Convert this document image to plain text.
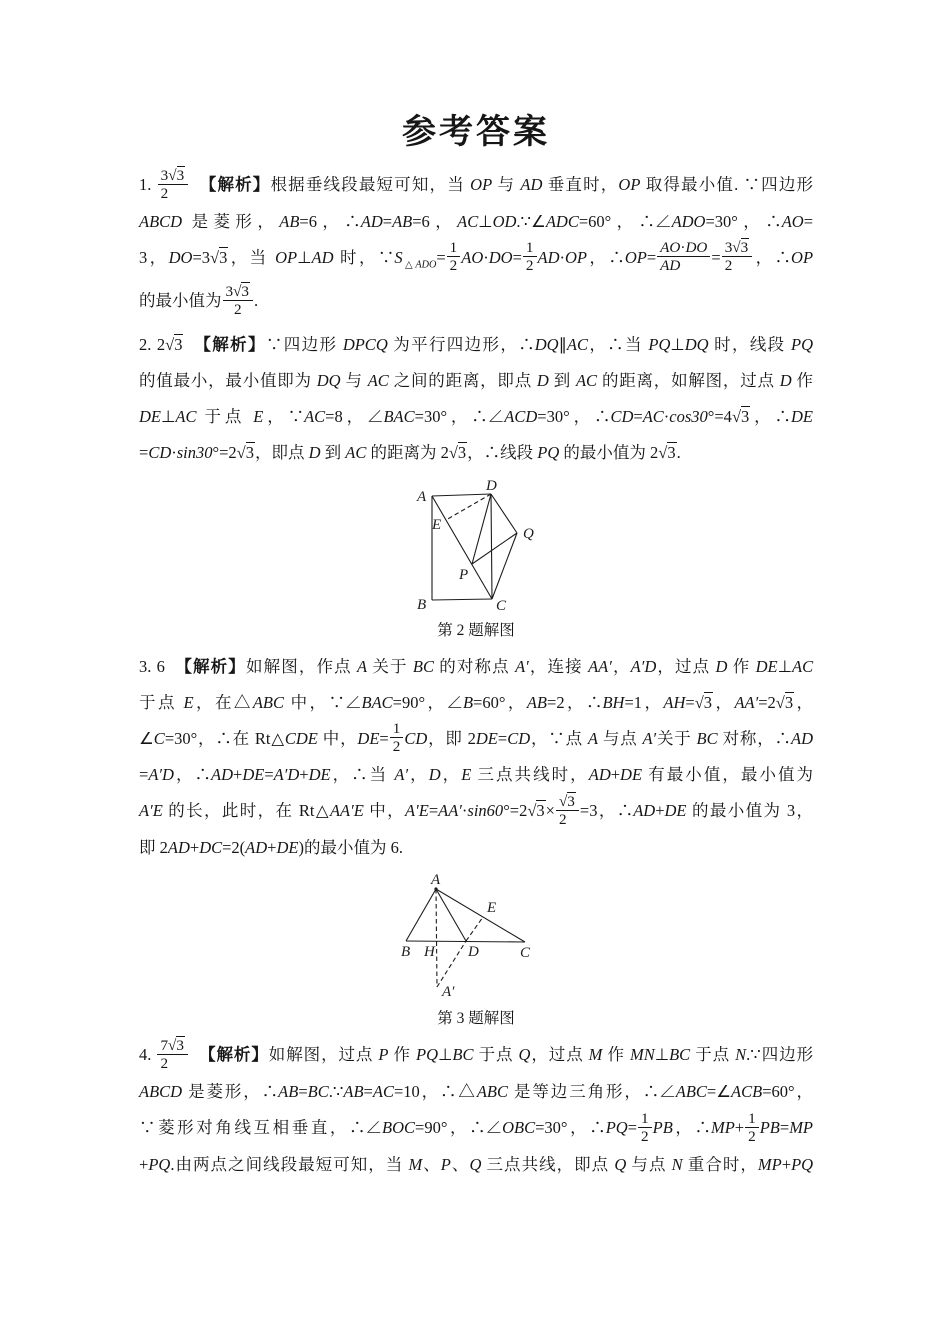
参考答案
1. $\frac{3√3}{2}$
　 【解析】根据垂线段最短可知，当 OP 与 AD 垂直时，OP 取得最小值. ∵四边形
ABCD 是菱形，AB=6，∴AD=AB=6，AC⊥OD.∵∠ADC=60°，∴∠ADO=30°，∴AO=
3，DO=3√3，当 OP⊥AD 时，$\because S_{\triangle ADO}= \frac{1}{2} AO\cdot DO= \frac{1}{2} AD\cdot OP$，∴OP= $\frac{AO\cdot DO}{AD} = \frac{3√3}{2}$ ，∴OP
的最小值为 $\frac{3√3}{2}$ .
2. 2√3　 【解析】∵四边形 DPCQ 为平行四边形，∴DQ∥AC，∴当 PQ⊥DQ 时，线段 PQ
的值最小，最小值即为 DQ 与 AC 之间的距离，即点 D 到 AC 的距离，如解图，过点 D 作
DE⊥AC 于点 E，∵AC=8，∠BAC=30°，∴∠ACD=30°，∴CD=AC·cos30°=4√3，∴DE
=CD·sin30°=2√3，即点 D 到 AC 的距离为 2√3，∴线段 PQ 的最小值为 2√3.
A
D
B	C
E
P
Q
第 2 题解图
3. 6　【解析】如解图，作点 A 关于 BC 的对称点 A′，连接 AA′，A′D，过点 D 作 DE⊥AC
于点 E，在△ABC 中，∵∠BAC=90°，∠B=60°，AB=2，∴BH=1，AH=√3，AA′=2√3，
∠C=30°，∴在 Rt△CDE 中，$DE= \frac{1}{2}$ CD，即 2DE=CD，∵点 A 与点 A′关于 BC 对称，∴AD
=A′D，∴AD+DE=A′D+DE，∴当 A′，D，E 三点共线时，AD+DE 有最小值，最小值为
A′E 的长，此时，在 Rt△AA′E 中，$A'E=AA'\cdot\sin 60^\circ=2√3\times \frac{√3}{2} =3$，∴AD+DE 的最小值为 3，
即 2AD+DC=2(AD+DE)的最小值为 6.
A
B H D	C
E
A′
第 3 题解图
4. $\frac{7√3}{2}$
　 【解析】如解图，过点 P 作 PQ⊥BC 于点 Q，过点 M 作 MN⊥BC 于点 N.∵四边形
ABCD 是菱形，∴AB=BC.∵AB=AC=10，∴△ABC 是等边三角形，∴∠ABC=∠ACB=60°，
∵菱形对角线互相垂直，∴∠BOC=90°，∴∠OBC=30°，∴PQ= $\frac{1}{2}$ PB，∴MP+ $\frac{1}{2} PB=MP$
+PQ.由两点之间线段最短可知，当 M、P、Q 三点共线，即点 Q 与点 N 重合时，MP+PQ
